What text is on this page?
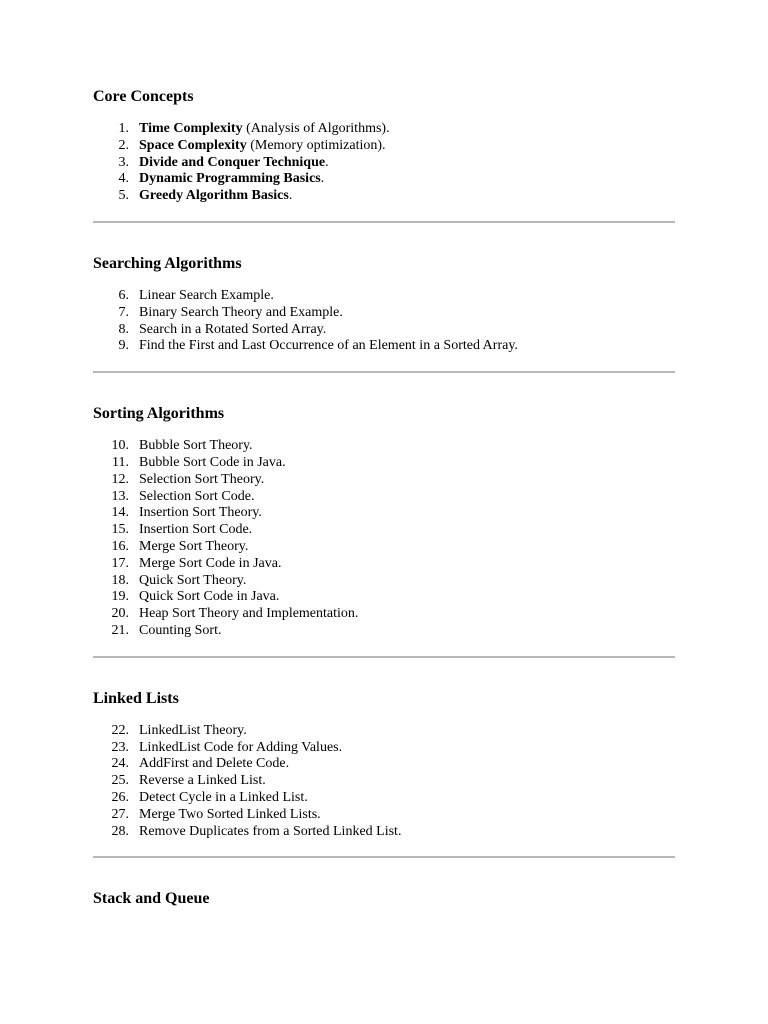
Core Concepts
1. Time Complexity (Analysis of Algorithms).
2. Space Complexity (Memory optimization).
3. Divide and Conquer Technique.
4. Dynamic Programming Basics.
5. Greedy Algorithm Basics.
Searching Algorithms
6. Linear Search Example.
7. Binary Search Theory and Example.
8. Search in a Rotated Sorted Array.
9. Find the First and Last Occurrence of an Element in a Sorted Array.
Sorting Algorithms
10. Bubble Sort Theory.
11. Bubble Sort Code in Java.
12. Selection Sort Theory.
13. Selection Sort Code.
14. Insertion Sort Theory.
15. Insertion Sort Code.
16. Merge Sort Theory.
17. Merge Sort Code in Java.
18. Quick Sort Theory.
19. Quick Sort Code in Java.
20. Heap Sort Theory and Implementation.
21. Counting Sort.
Linked Lists
22. LinkedList Theory.
23. LinkedList Code for Adding Values.
24. AddFirst and Delete Code.
25. Reverse a Linked List.
26. Detect Cycle in a Linked List.
27. Merge Two Sorted Linked Lists.
28. Remove Duplicates from a Sorted Linked List.
Stack and Queue
